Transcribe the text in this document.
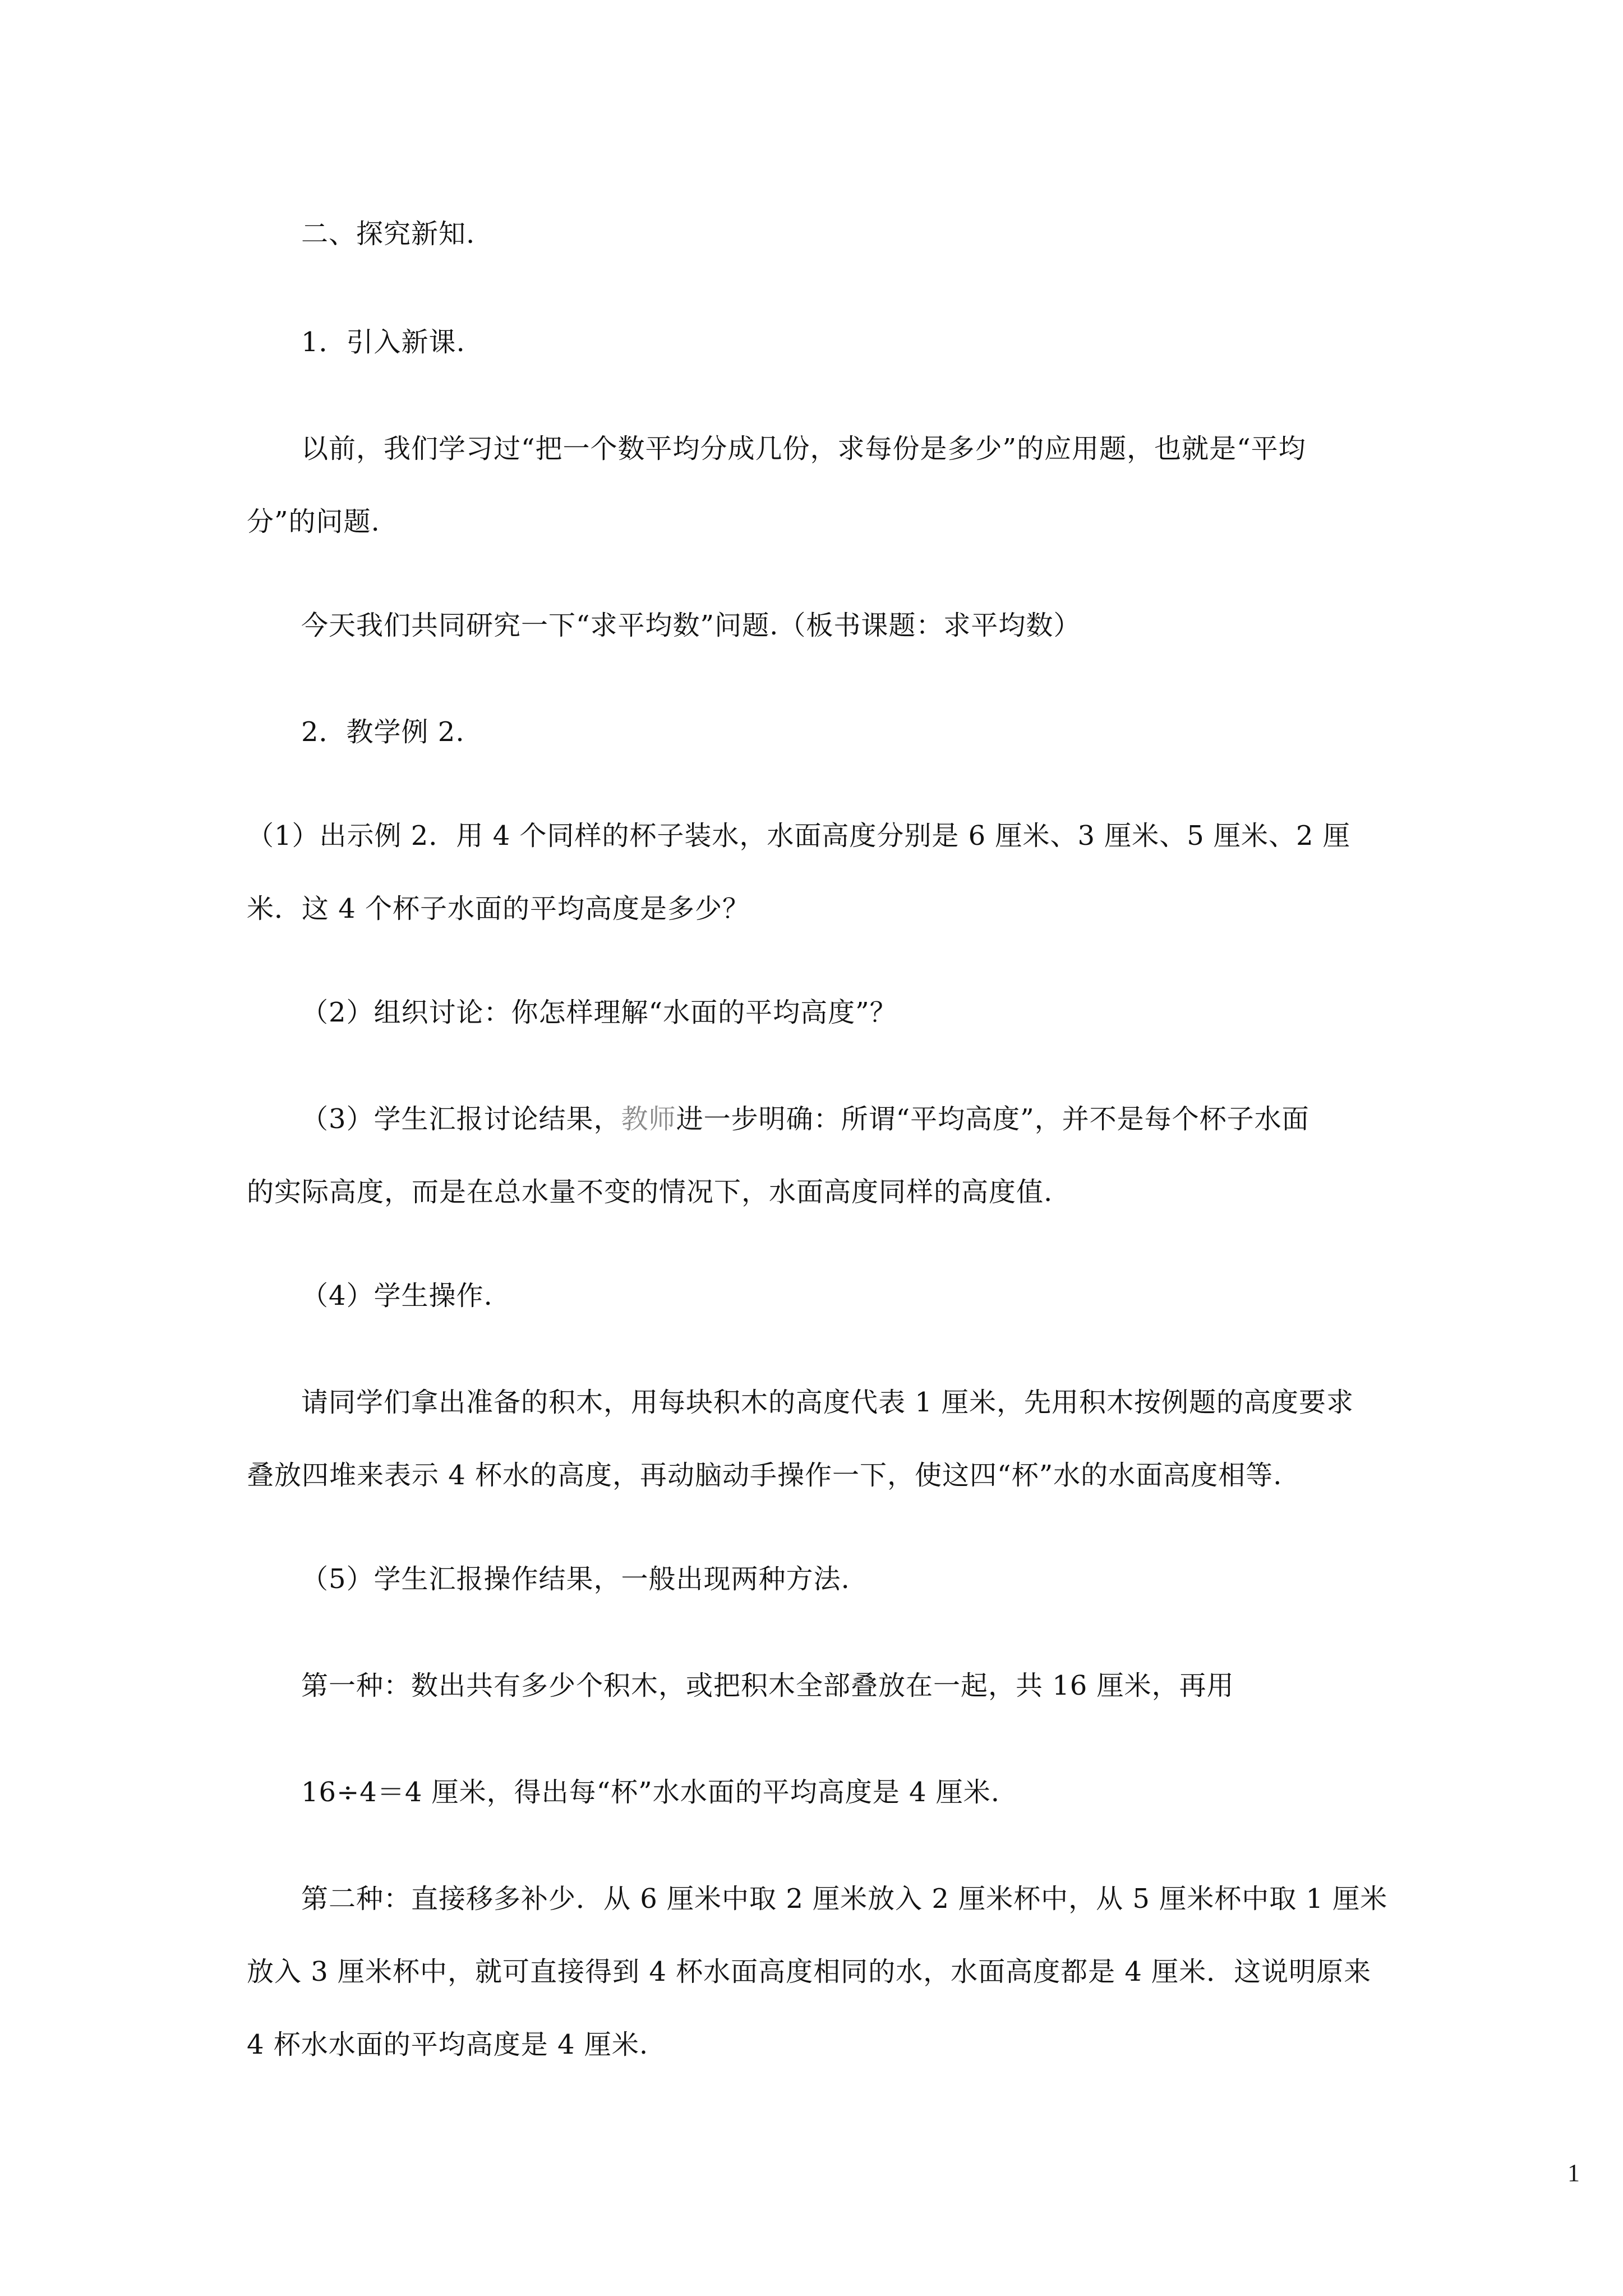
二、探究新知.
1．引入新课.
以前，我们学习过“把一个数平均分成几份，求每份是多少”的应用题，也就是“平均
分”的问题.
今天我们共同研究一下“求平均数”问题.（板书课题：求平均数）
2．教学例 2.
（1）出示例 2．用 4 个同样的杯子装水，水面高度分别是 6 厘米、3 厘米、5 厘米、2 厘
米．这 4 个杯子水面的平均高度是多少？
（2）组织讨论：你怎样理解“水面的平均高度”？
（3）学生汇报讨论结果，教师进一步明确：所谓“平均高度”，并不是每个杯子水面
的实际高度，而是在总水量不变的情况下，水面高度同样的高度值.
（4）学生操作.
请同学们拿出准备的积木，用每块积木的高度代表 1 厘米，先用积木按例题的高度要求
叠放四堆来表示 4 杯水的高度，再动脑动手操作一下，使这四“杯”水的水面高度相等.
（5）学生汇报操作结果，一般出现两种方法.
第一种：数出共有多少个积木，或把积木全部叠放在一起，共 16 厘米，再用
16÷4＝4 厘米，得出每“杯”水水面的平均高度是 4 厘米.
第二种：直接移多补少．从 6 厘米中取 2 厘米放入 2 厘米杯中，从 5 厘米杯中取 1 厘米
放入 3 厘米杯中，就可直接得到 4 杯水面高度相同的水，水面高度都是 4 厘米．这说明原来
4 杯水水面的平均高度是 4 厘米.
1
